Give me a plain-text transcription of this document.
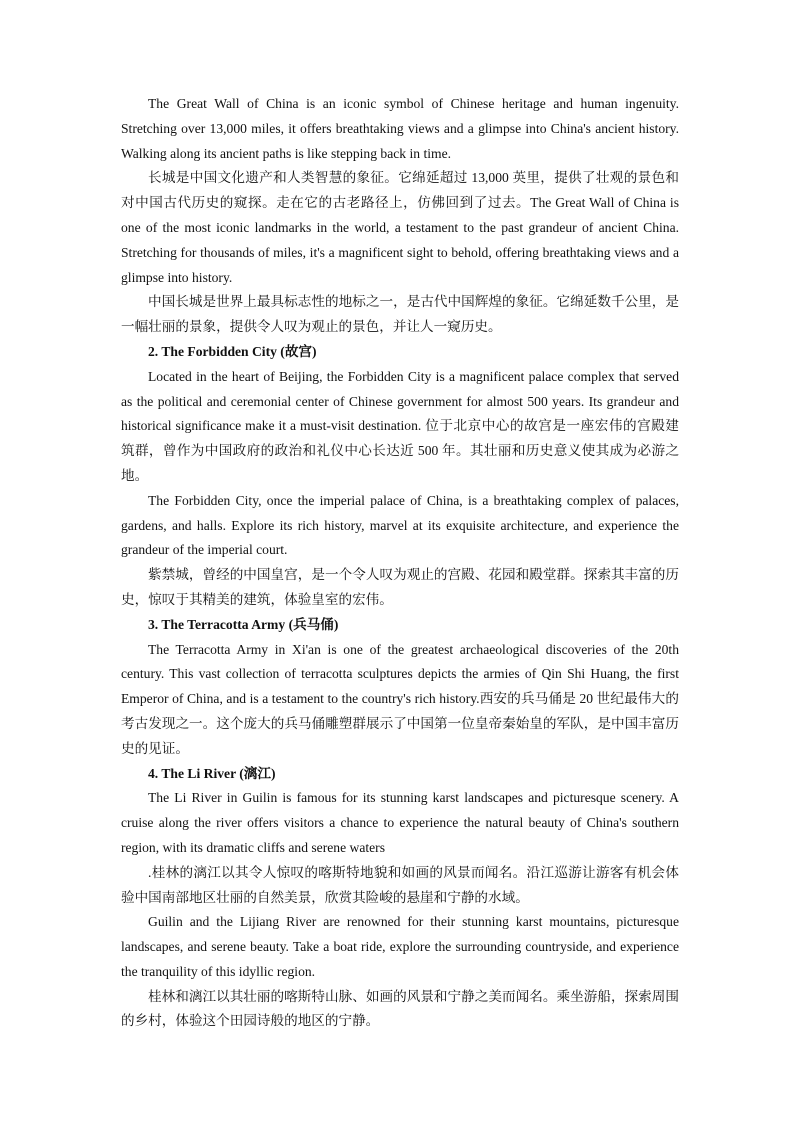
The Great Wall of China is an iconic symbol of Chinese heritage and human ingenuity. Stretching over 13,000 miles, it offers breathtaking views and a glimpse into China's ancient history. Walking along its ancient paths is like stepping back in time.

长城是中国文化遗产和人类智慧的象征。它绵延超过 13,000 英里，提供了壮观的景色和对中国古代历史的窥探。走在它的古老路径上，仿佛回到了过去。The Great Wall of China is one of the most iconic landmarks in the world, a testament to the past grandeur of ancient China. Stretching for thousands of miles, it's a magnificent sight to behold, offering breathtaking views and a glimpse into history.

中国长城是世界上最具标志性的地标之一，是古代中国辉煌的象征。它绵延数千公里，是一幅壮丽的景象，提供令人叹为观止的景色，并让人一窥历史。

2. The Forbidden City (故宫)

Located in the heart of Beijing, the Forbidden City is a magnificent palace complex that served as the political and ceremonial center of Chinese government for almost 500 years. Its grandeur and historical significance make it a must-visit destination. 位于北京中心的故宫是一座宏伟的宫殿建筑群，曾作为中国政府的政治和礼仪中心长达近 500 年。其壮丽和历史意义使其成为必游之地。

The Forbidden City, once the imperial palace of China, is a breathtaking complex of palaces, gardens, and halls. Explore its rich history, marvel at its exquisite architecture, and experience the grandeur of the imperial court.

紫禁城，曾经的中国皇宫，是一个令人叹为观止的宫殿、花园和殿堂群。探索其丰富的历史，惊叹于其精美的建筑，体验皇室的宏伟。

3. The Terracotta Army (兵马俑)

The Terracotta Army in Xi'an is one of the greatest archaeological discoveries of the 20th century. This vast collection of terracotta sculptures depicts the armies of Qin Shi Huang, the first Emperor of China, and is a testament to the country's rich history.西安的兵马俑是 20 世纪最伟大的考古发现之一。这个庞大的兵马俑雕塑群展示了中国第一位皇帝秦始皇的军队，是中国丰富历史的见证。

4. The Li River (漓江)

The Li River in Guilin is famous for its stunning karst landscapes and picturesque scenery. A cruise along the river offers visitors a chance to experience the natural beauty of China's southern region, with its dramatic cliffs and serene waters

.桂林的漓江以其令人惊叹的喀斯特地貌和如画的风景而闻名。沿江巡游让游客有机会体验中国南部地区壮丽的自然美景，欣赏其险峻的悬崖和宁静的水域。

Guilin and the Lijiang River are renowned for their stunning karst mountains, picturesque landscapes, and serene beauty. Take a boat ride, explore the surrounding countryside, and experience the tranquility of this idyllic region.

桂林和漓江以其壮丽的喀斯特山脉、如画的风景和宁静之美而闻名。乘坐游船，探索周围的乡村，体验这个田园诗般的地区的宁静。
